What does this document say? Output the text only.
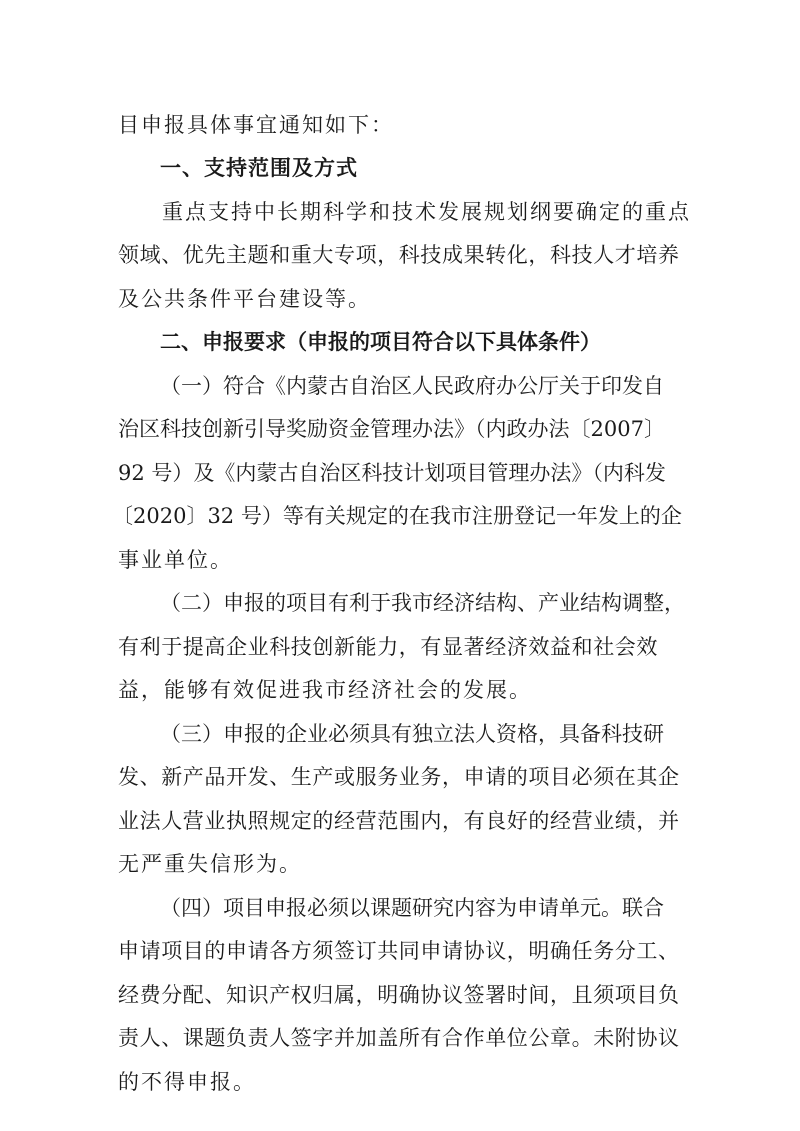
目申报具体事宜通知如下：
一、支持范围及方式
重点支持中长期科学和技术发展规划纲要确定的重点
领域、优先主题和重大专项，科技成果转化，科技人才培养
及公共条件平台建设等。
二、申报要求（申报的项目符合以下具体条件）
（一）符合《内蒙古自治区人民政府办公厅关于印发自
治区科技创新引导奖励资金管理办法》（内政办法〔2007〕
92 号）及《内蒙古自治区科技计划项目管理办法》（内科发
〔2020〕32 号）等有关规定的在我市注册登记一年发上的企
事业单位。
（二）申报的项目有利于我市经济结构、产业结构调整，
有利于提高企业科技创新能力，有显著经济效益和社会效
益，能够有效促进我市经济社会的发展。
（三）申报的企业必须具有独立法人资格，具备科技研
发、新产品开发、生产或服务业务，申请的项目必须在其企
业法人营业执照规定的经营范围内，有良好的经营业绩，并
无严重失信形为。
（四）项目申报必须以课题研究内容为申请单元。联合
申请项目的申请各方须签订共同申请协议，明确任务分工、
经费分配、知识产权归属，明确协议签署时间，且须项目负
责人、课题负责人签字并加盖所有合作单位公章。未附协议
的不得申报。
